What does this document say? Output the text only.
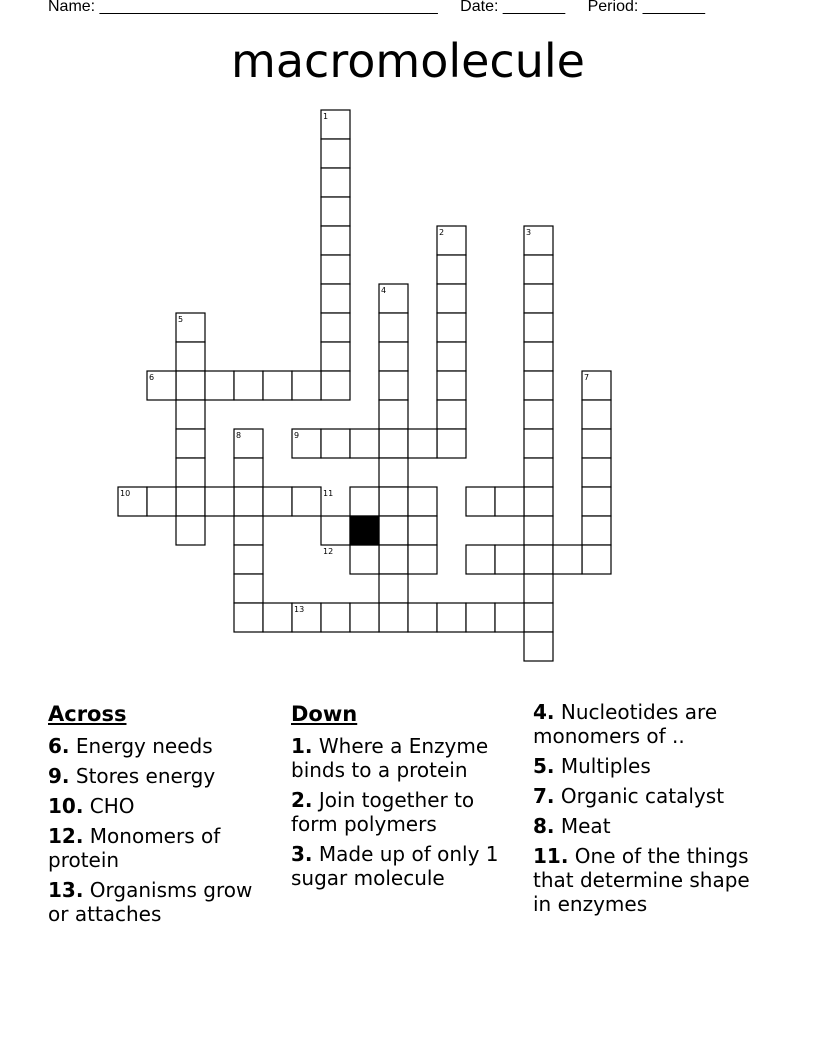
Name: ______________________________________ Date: _______ Period: _______
macromolecule
1
2	3
4
5
6	7
8	9
10	11
12
13
Across
6. Energy needs
9. Stores energy
10. CHO
12. Monomers of protein
13. Organisms grow or attaches
Down
1. Where a Enzyme binds to a protein
2. Join together to form polymers
3. Made up of only 1 sugar molecule
4. Nucleotides are monomers of ..
5. Multiples
7. Organic catalyst
8. Meat
11. One of the things that determine shape in enzymes
